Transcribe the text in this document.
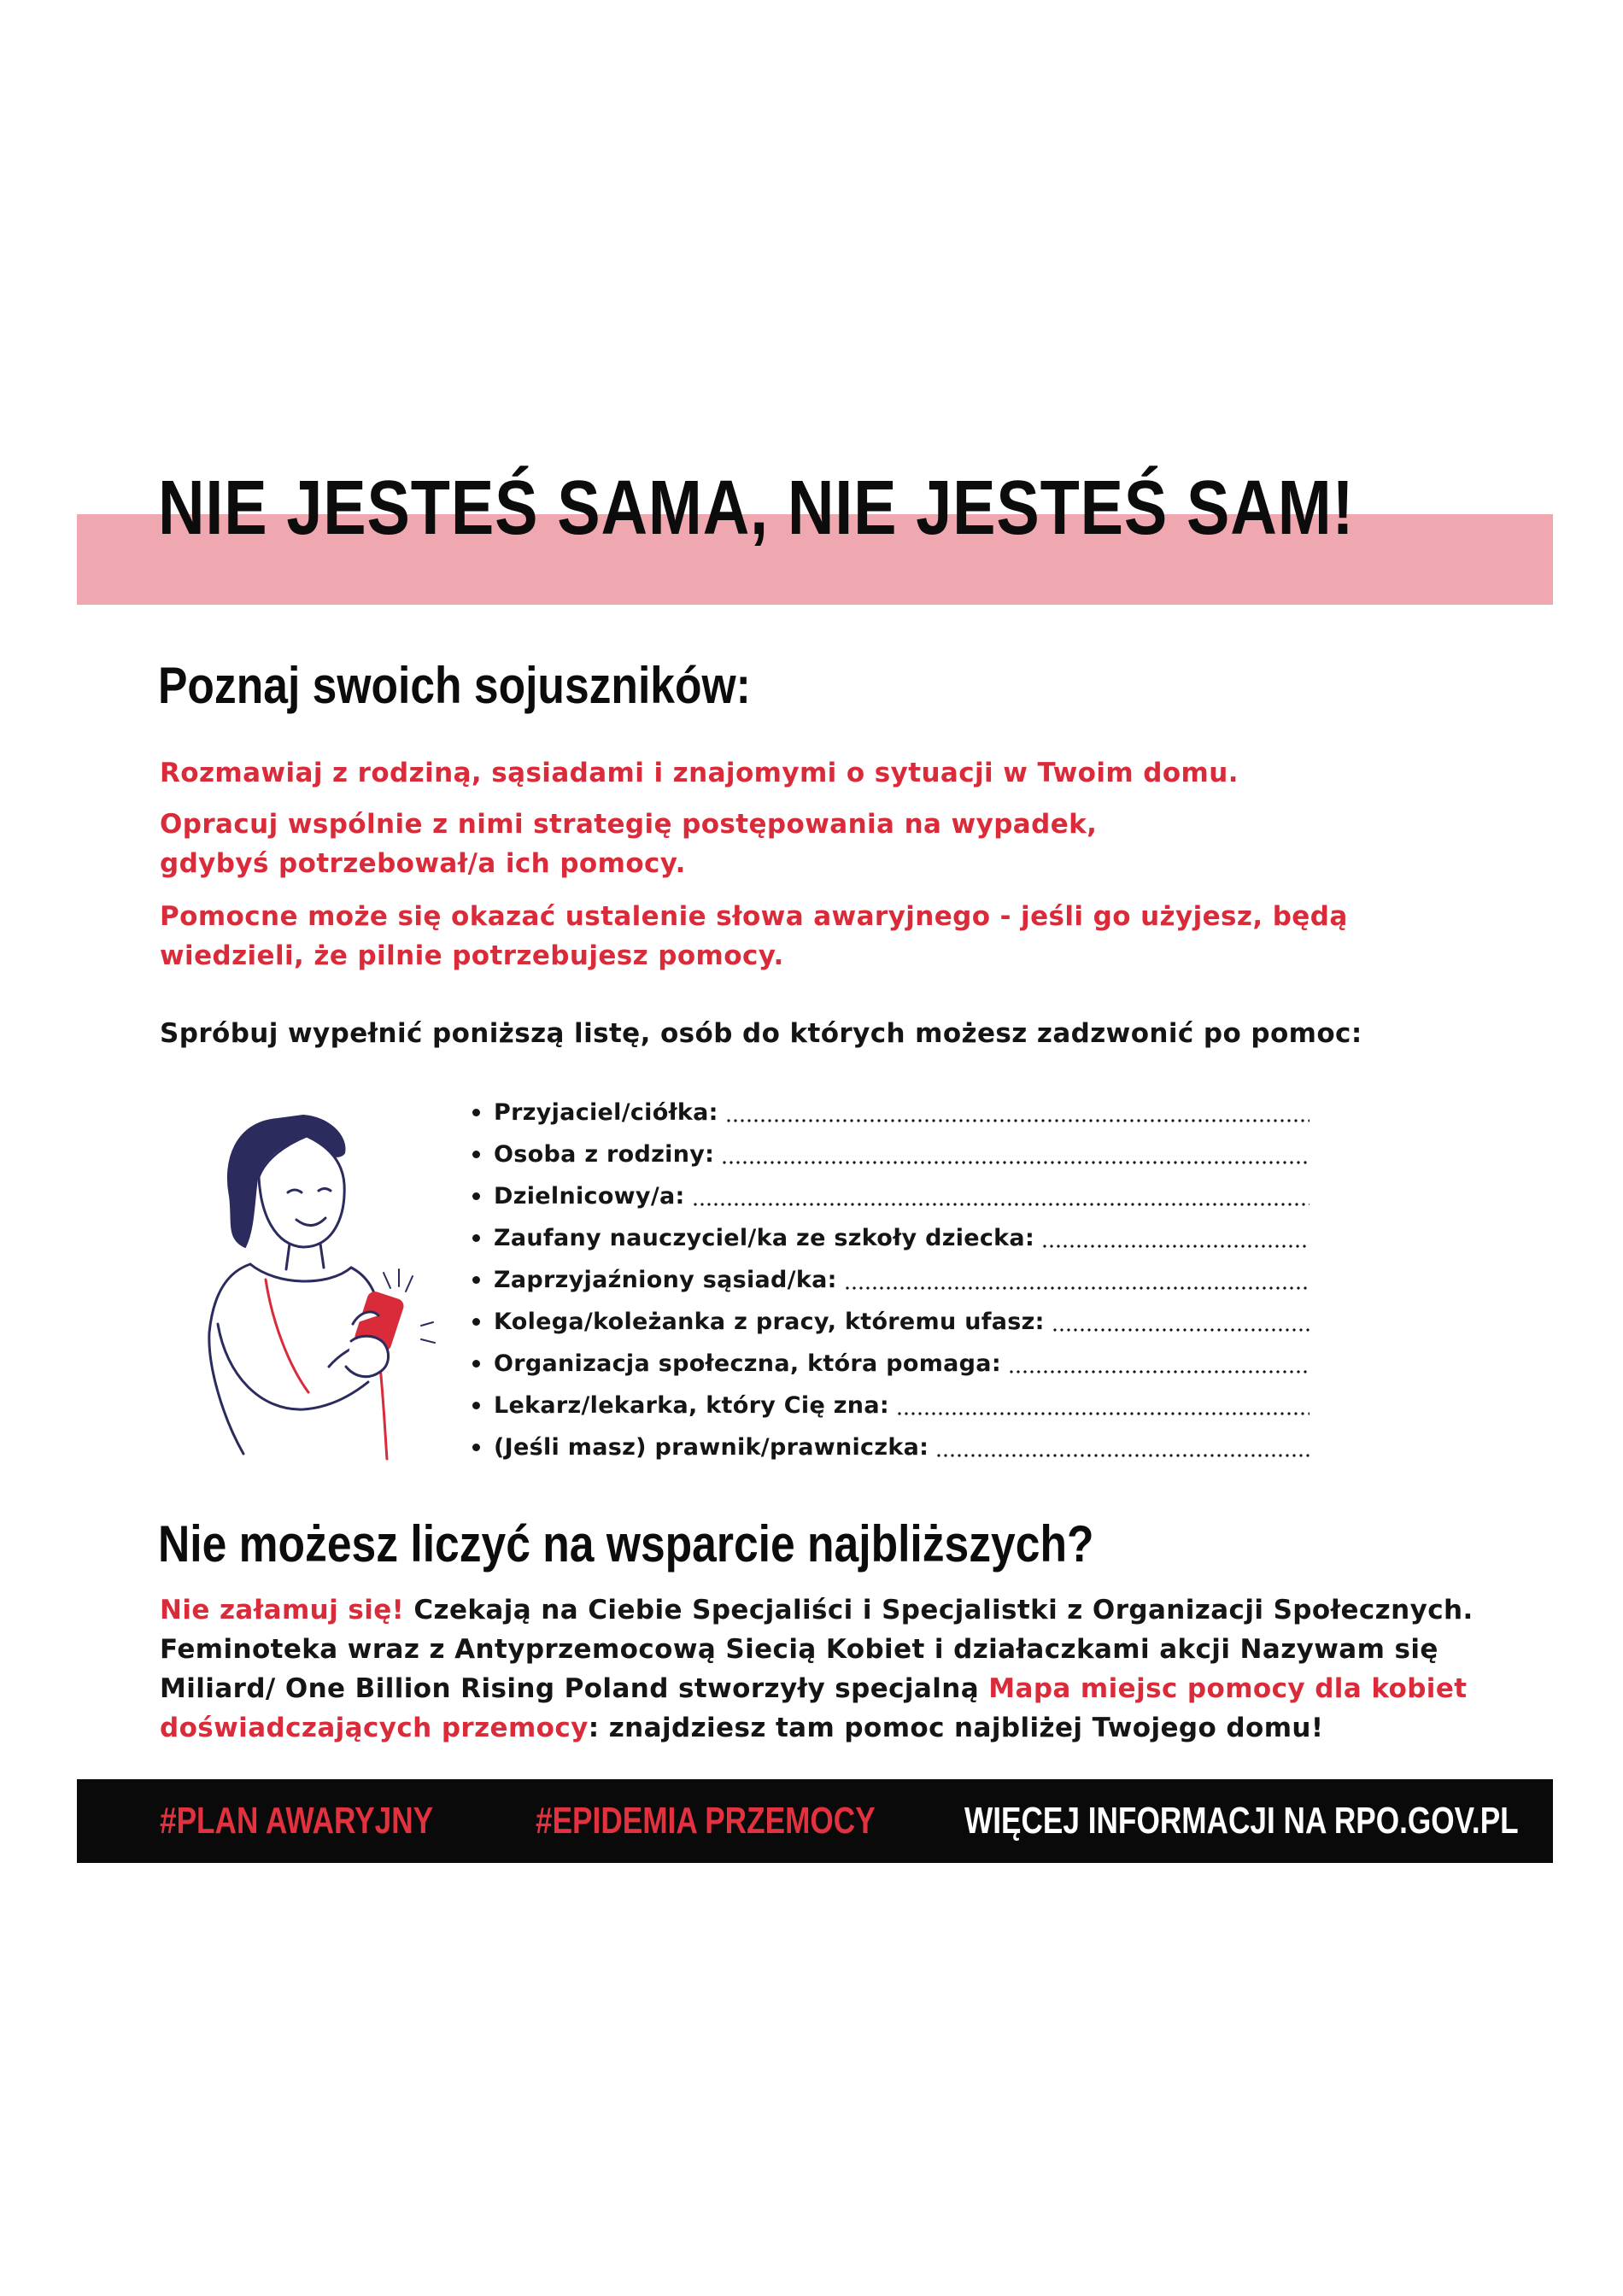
NIE JESTEŚ SAMA, NIE JESTEŚ SAM!
Poznaj swoich sojuszników:

Rozmawiaj z rodziną, sąsiadami i znajomymi o sytuacji w Twoim domu.

Opracuj wspólnie z nimi strategię postępowania na wypadek,
gdybyś potrzebował/a ich pomocy.

Pomocne może się okazać ustalenie słowa awaryjnego - jeśli go użyjesz, będą
wiedzieli, że pilnie potrzebujesz pomocy.

Spróbuj wypełnić poniższą listę, osób do których możesz zadzwonić po pomoc:

Przyjaciel/ciółka:
Osoba z rodziny:
Dzielnicowy/a:
Zaufany nauczyciel/ka ze szkoły dziecka:
Zaprzyjaźniony sąsiad/ka:
Kolega/koleżanka z pracy, któremu ufasz:
Organizacja społeczna, która pomaga:
Lekarz/lekarka, który Cię zna:
(Jeśli masz) prawnik/prawniczka:
Nie możesz liczyć na wsparcie najbliższych?

Nie załamuj się! Czekają na Ciebie Specjaliści i Specjalistki z Organizacji Społecznych. Feminoteka wraz z Antyprzemocową Siecią Kobiet i działaczkami akcji Nazywam się Miliard/ One Billion Rising Poland stworzyły specjalną Mapa miejsc pomocy dla kobiet doświadczających przemocy: znajdziesz tam pomoc najbliżej Twojego domu!

#PLAN AWARYJNY	#EPIDEMIA PRZEMOCY WIĘCEJ INFORMACJI NA RPO.GOV.PL
